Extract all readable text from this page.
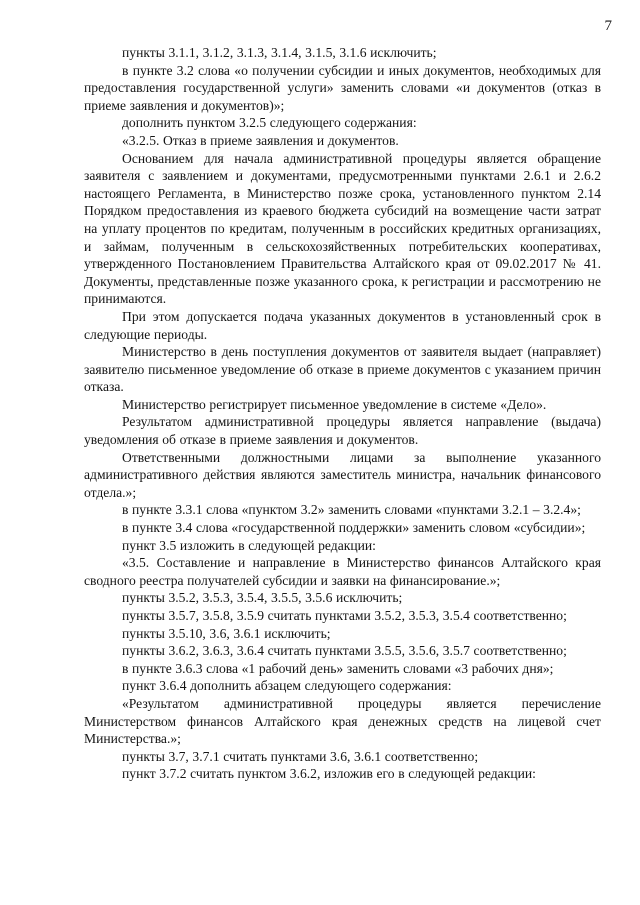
7

пункты 3.1.1, 3.1.2, 3.1.3, 3.1.4, 3.1.5, 3.1.6 исключить;

в пункте 3.2 слова «о получении субсидии и иных документов, необходимых для предоставления государственной услуги» заменить словами «и документов (отказ в приеме заявления и документов)»;

дополнить пунктом 3.2.5 следующего содержания:

«3.2.5. Отказ в приеме заявления и документов.

Основанием для начала административной процедуры является обращение заявителя с заявлением и документами, предусмотренными пунктами 2.6.1 и 2.6.2 настоящего Регламента, в Министерство позже срока, установленного пунктом 2.14 Порядком предоставления из краевого бюджета субсидий на возмещение части затрат на уплату процентов по кредитам, полученным в российских кредитных организациях, и займам, полученным в сельскохозяйственных потребительских кооперативах, утвержденного Постановлением Правительства Алтайского края от 09.02.2017 № 41. Документы, представленные позже указанного срока, к регистрации и рассмотрению не принимаются.

При этом допускается подача указанных документов в установленный срок в следующие периоды.

Министерство в день поступления документов от заявителя выдает (направляет) заявителю письменное уведомление об отказе в приеме документов с указанием причин отказа.

Министерство регистрирует письменное уведомление в системе «Дело».

Результатом административной процедуры является направление (выдача) уведомления об отказе в приеме заявления и документов.

Ответственными должностными лицами за выполнение указанного административного действия являются заместитель министра, начальник финансового отдела.»;

в пункте 3.3.1 слова «пунктом 3.2» заменить словами «пунктами 3.2.1 – 3.2.4»;

в пункте 3.4 слова «государственной поддержки» заменить словом «субсидии»;

пункт 3.5 изложить в следующей редакции:

«3.5. Составление и направление в Министерство финансов Алтайского края сводного реестра получателей субсидии и заявки на финансирование.»;

пункты 3.5.2, 3.5.3, 3.5.4, 3.5.5, 3.5.6 исключить;

пункты 3.5.7, 3.5.8, 3.5.9 считать пунктами 3.5.2, 3.5.3, 3.5.4 соответственно;

пункты 3.5.10, 3.6, 3.6.1 исключить;

пункты 3.6.2, 3.6.3, 3.6.4 считать пунктами 3.5.5, 3.5.6, 3.5.7 соответственно;

в пункте 3.6.3 слова «1 рабочий день» заменить словами «3 рабочих дня»;

пункт 3.6.4 дополнить абзацем следующего содержания:

«Результатом административной процедуры является перечисление Министерством финансов Алтайского края денежных средств на лицевой счет Министерства.»;

пункты 3.7, 3.7.1 считать пунктами 3.6, 3.6.1 соответственно;

пункт 3.7.2 считать пунктом 3.6.2, изложив его в следующей редакции:
